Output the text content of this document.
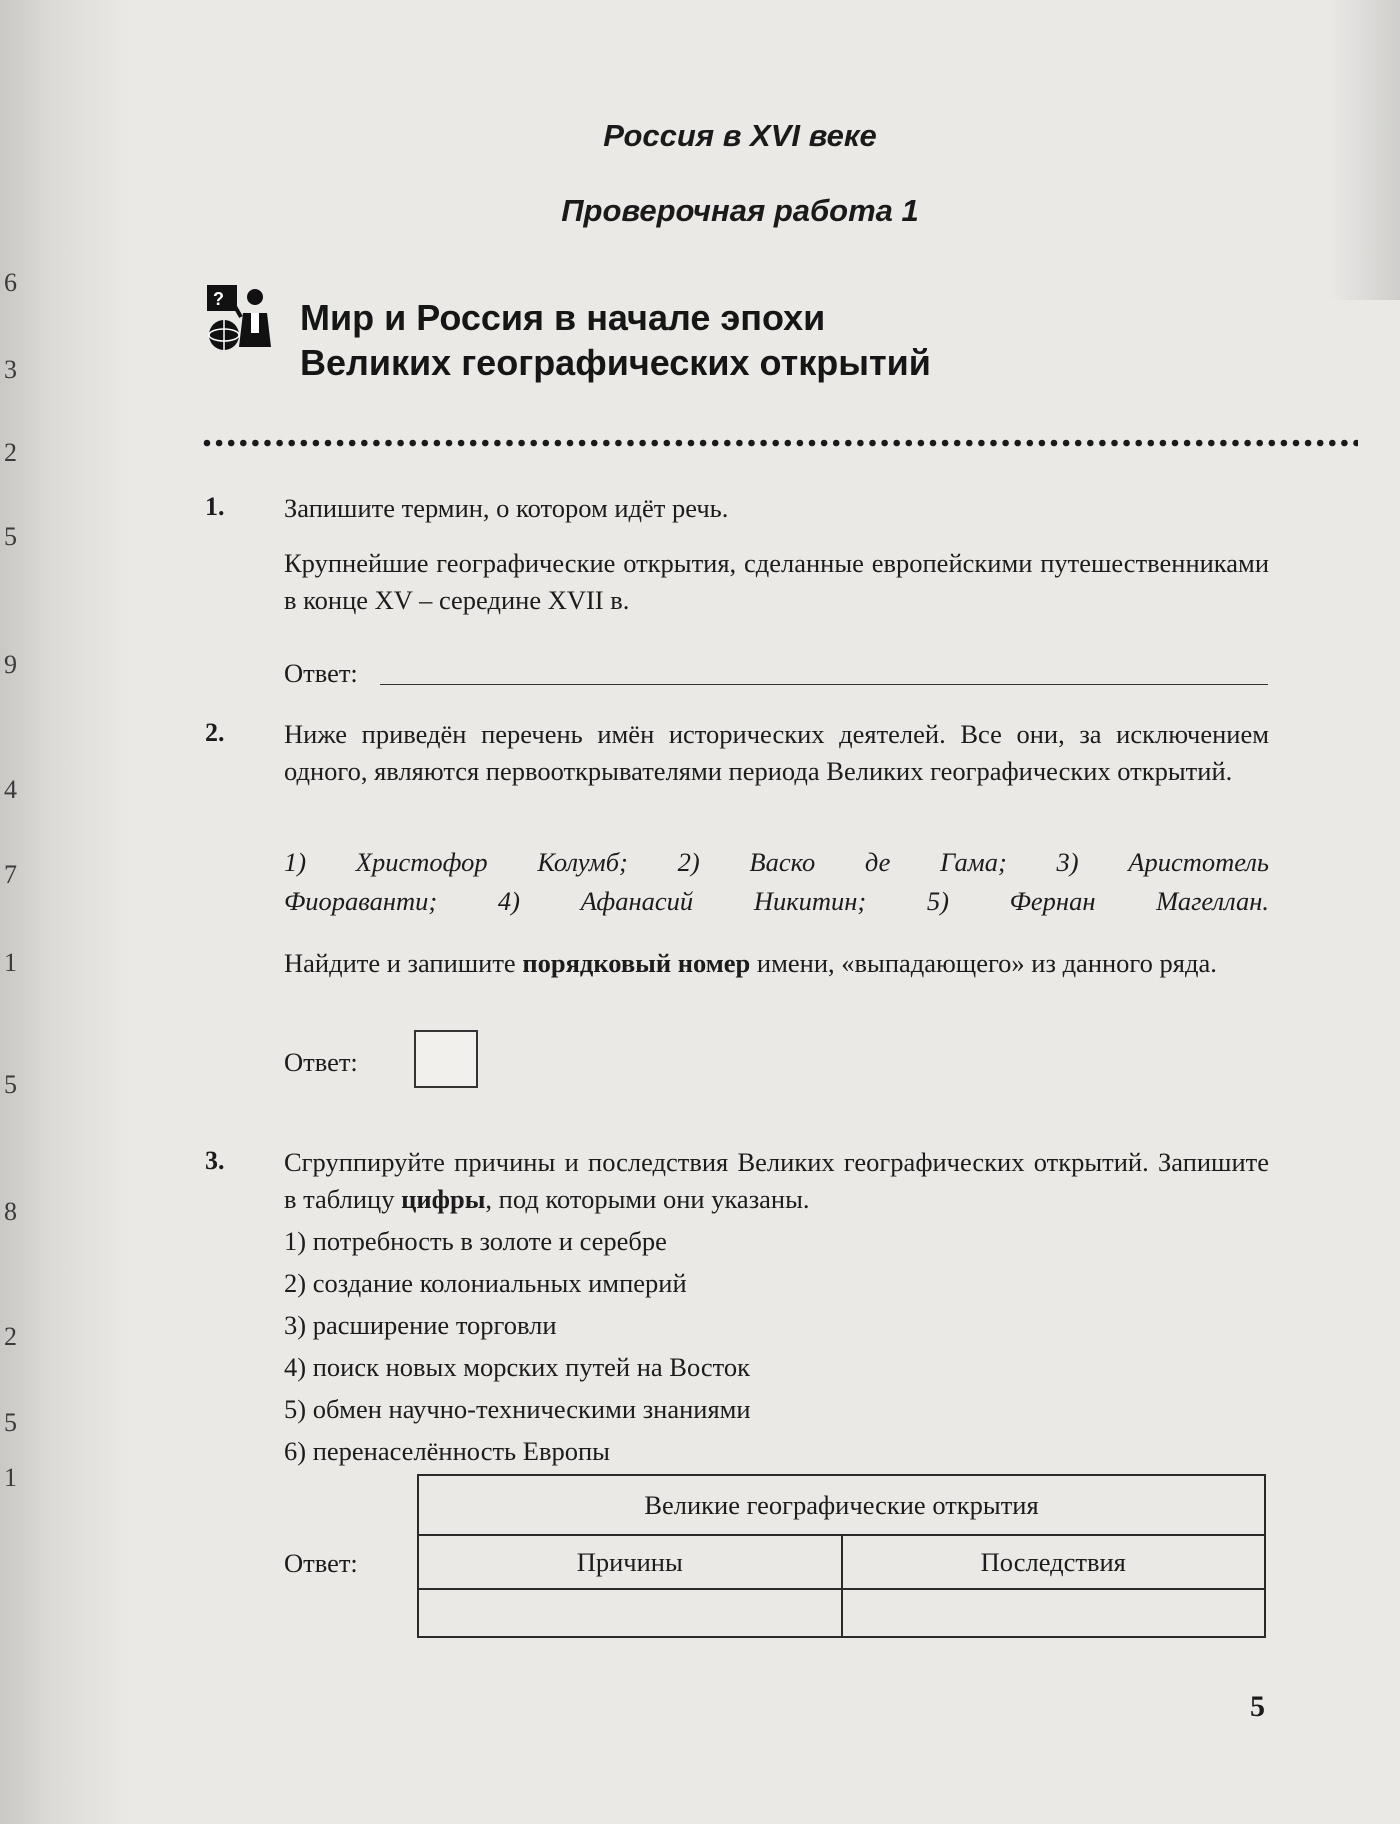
6
3
2
5
9
4
7
1
5
8
2
5
1
Россия в XVI веке
Проверочная работа 1
? Мир и Россия в начале эпохи
Великих географических открытий
1. Запишите термин, о котором идёт речь.
Крупнейшие географические открытия, сделанные европейскими путешественниками в конце XV – середине XVII в.
Ответ:
2. Ниже приведён перечень имён исторических деятелей. Все они, за исключением одного, являются первооткрывателями периода Великих географических открытий.
1) Христофор Колумб; 2) Васко де Гама; 3) Аристотель
Фиораванти; 4) Афанасий Никитин; 5) Фернан Магеллан.
Найдите и запишите порядковый номер имени, «выпадающего» из данного ряда.
Ответ:
3. Сгруппируйте причины и последствия Великих географических открытий. Запишите в таблицу цифры, под которыми они указаны.
1) потребность в золоте и серебре
2) создание колониальных империй
3) расширение торговли
4) поиск новых морских путей на Восток
5) обмен научно-техническими знаниями
6) перенаселённость Европы
Ответ:
Великие географические открытия	
Причины	Последствия

5
